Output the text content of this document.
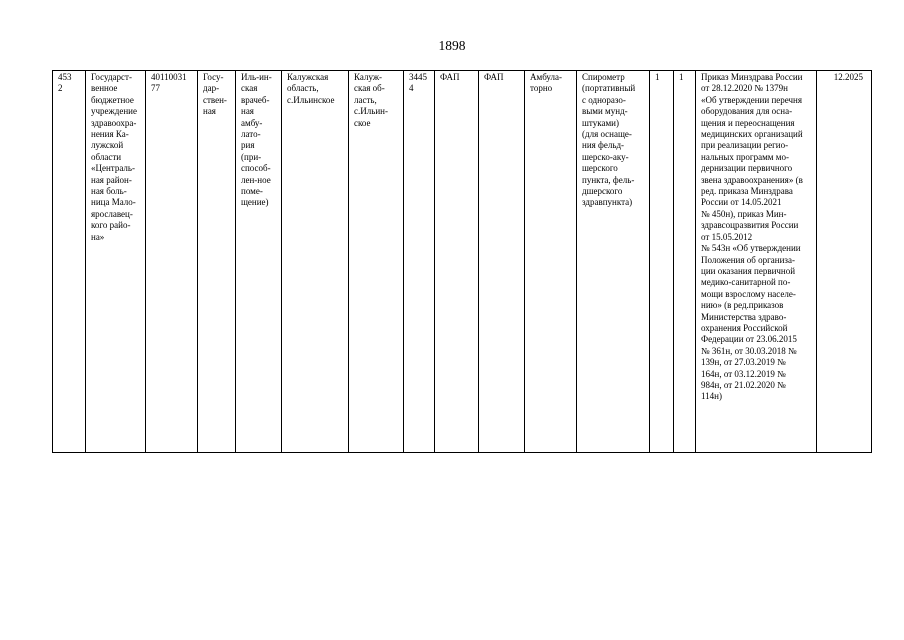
1898
453
2	Государст-
венное
бюджетное
учреждение
здравоохра-
нения Ка-
лужской
области
«Централь-
ная район-
ная боль-
ница Мало-
ярославец-
кого райо-
на»	40110031
77	Госу-
дар-
ствен-
ная	Иль-ин-
ская
врачеб-
ная
амбу-
лато-
рия
(при-
способ-
лен-ное
поме-
щение)	Калужская
область,
с.Ильинское	Калуж-
ская об-
ласть,
с.Ильин-
ское	3445
4	ФАП	ФАП	Амбула-
торно	Спирометр
(портативный
с одноразо-
выми мунд-
штуками)
(для оснаще-
ния фельд-
шерско-аку-
шерского
пункта, фель-
дшерского
здравпункта)	1	1	Приказ Минздрава России
от 28.12.2020 № 1379н
«Об утверждении перечня
оборудования для осна-
щения и переоснащения
медицинских организаций
при реализации регио-
нальных программ мо-
дернизации первичного
звена здравоохранения» (в
ред. приказа Минздрава
России от 14.05.2021
№ 450н), приказ Мин-
здравсоцразвития России
от 15.05.2012
№ 543н «Об утверждении
Положения об организа-
ции оказания первичной
медико-санитарной по-
мощи взрослому населе-
нию» (в ред.приказов
Министерства здраво-
охранения Российской
Федерации от 23.06.2015
№ 361н, от 30.03.2018 №
139н, от 27.03.2019 №
164н, от 03.12.2019 №
984н, от 21.02.2020 №
114н)	12.2025
